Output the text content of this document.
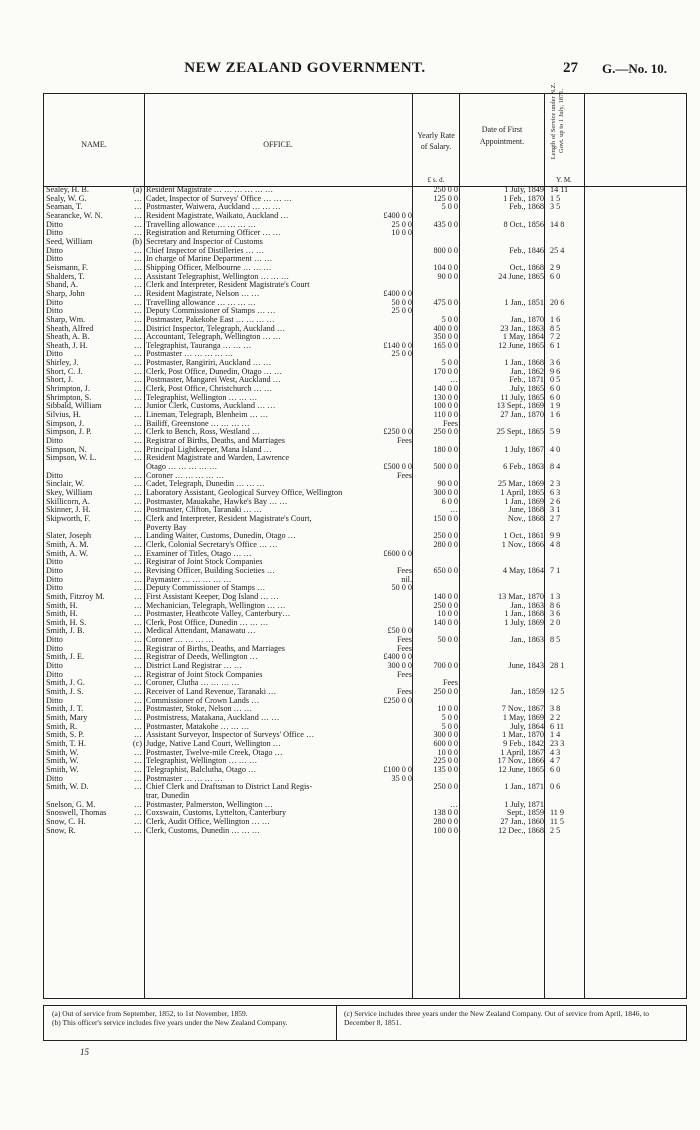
NEW ZEALAND GOVERNMENT.	27 G.—No. 10.
NAME.	OFFICE.
Yearly Rate of Salary.
Date of First Appointment.	Length of Service under N.Z. Govt. up to 1 July, 1871.
£ s. d.	Y. M.
Sealey, H. B.	(a) Resident Magistrate … … … … … …	250 0 0	1 July, 1849 14 11
Sealy, W. G.	… Cadet, Inspector of Surveys' Office … … …	125 0 0	1 Feb., 1870 1 5
Seaman, T.	… Postmaster, Waiwera, Auckland … … …	5 0 0	Feb., 1868 3 5
Searancke, W. N.	… Resident Magistrate, Waikato, Auckland …	£400 0 0
Ditto	… Travelling allowance … … … …	25 0 0	435 0 0	8 Oct., 1856 14 8
Ditto	… Registration and Returning Officer … …	10 0 0
Seed, William	(b) Secretary and Inspector of Customs
Ditto	… Chief Inspector of Distilleries … …	800 0 0	Feb., 1846 25 4
Ditto	… In charge of Marine Department … …
Seismann, F.	… Shipping Officer, Melbourne … … …	104 0 0	Oct., 1868 2 9
Shalders, T.	… Assistant Telegraphist, Wellington … … …	90 0 0	24 June, 1865 6 0
Shand, A.	… Clerk and Interpreter, Resident Magistrate's Court
Sharp, John	… Resident Magistrate, Nelson … …	£400 0 0
Ditto	… Travelling allowance … … … …	50 0 0	475 0 0	1 Jan., 1851 20 6
Ditto	… Deputy Commissioner of Stamps … …	25 0 0
Sharp, Wm.	… Postmaster, Pakekohe East … … … …	5 0 0	Jan., 1870 1 6
Sheath, Alfred	… District Inspector, Telegraph, Auckland …	400 0 0	23 Jan., 1863 8 5
Sheath, A. B.	… Accountant, Telegraph, Wellington … …	350 0 0	1 May, 1864 7 2
Sheath, J. H.	… Telegraphist, Tauranga … … …	£140 0 0	165 0 0	12 June, 1865 6 1
Ditto	… Postmaster … … … … …	25 0 0
Shirley, J.	… Postmaster, Rangiriri, Auckland … …	5 0 0	1 Jan., 1868 3 6
Short, C. J.	… Clerk, Post Office, Dunedin, Otago … …	170 0 0	Jan., 1862 9 6
Short, J.	… Postmaster, Mangarei West, Auckland …	…	Feb., 1871 0 5
Shrimpton, J.	… Clerk, Post Office, Christchurch … …	140 0 0	July, 1865 6 0
Shrimpton, S.	… Telegraphist, Wellington … … …	130 0 0	11 July, 1865 6 0
Sibbald, William	… Junior Clerk, Customs, Auckland … …	100 0 0	13 Sept., 1869 1 9
Silvius, H.	… Lineman, Telegraph, Blenheim … …	110 0 0	27 Jan., 1870 1 6
Simpson, J.	… Bailiff, Greenstone … … … …	Fees
Simpson, J. P.	… Clerk to Bench, Ross, Westland …	£250 0 0	250 0 0	25 Sept., 1865 5 9
Ditto	… Registrar of Births, Deaths, and Marriages	Fees
Simpson, N.	… Principal Lightkeeper, Mana Island …	180 0 0	1 July, 1867 4 0
Simpson, W. L.	… Resident Magistrate and Warden, Lawrence
Otago … … … … …	£500 0 0	500 0 0	6 Feb., 1863 8 4
Ditto	… Coroner … … … … …	Fees
Sinclair, W.	… Cadet, Telegraph, Dunedin … … …	90 0 0	25 Mar., 1869 2 3
Skey, William	… Laboratory Assistant, Geological Survey Office, Wellington	300 0 0	1 April, 1865 6 3
Skillicorn, A.	… Postmaster, Mauakahe, Hawke's Bay … …	6 0 0	1 Jan., 1869 2 6
Skinner, J. H.	… Postmaster, Clifton, Taranaki … …	…	June, 1868 3 1
Skipworth, F.	… Clerk and Interpreter, Resident Magistrate's Court,	150 0 0	Nov., 1868 2 7
Poverty Bay
Slater, Joseph	… Landing Waiter, Customs, Dunedin, Otago …	250 0 0	1 Oct., 1861 9 9
Smith, A. M.	… Clerk, Colonial Secretary's Office … …	280 0 0	1 Nov., 1866 4 8
Smith, A. W.	… Examiner of Titles, Otago … …	£600 0 0
Ditto	… Registrar of Joint Stock Companies
Ditto	… Revising Officer, Building Societies …	Fees	650 0 0	4 May, 1864 7 1
Ditto	… Paymaster … … … … …	nil.
Ditto	… Deputy Commissioner of Stamps …	50 0 0
Smith, Fitzroy M.	… First Assistant Keeper, Dog Island … …	140 0 0	13 Mar., 1870 1 3
Smith, H.	… Mechanician, Telegraph, Wellington … …	250 0 0	Jan., 1863 8 6
Smith, H.	… Postmaster, Heathcote Valley, Canterbury…	10 0 0	1 Jan., 1868 3 6
Smith, H. S.	… Clerk, Post Office, Dunedin … … …	140 0 0	1 July, 1869 2 0
Smith, J. B.	… Medical Attendant, Manawatu …	£50 0 0
Ditto	… Coroner … … … …	Fees	50 0 0	Jan., 1863 8 5
Ditto	… Registrar of Births, Deaths, and Marriages	Fees
Smith, J. E.	… Registrar of Deeds, Wellington …	£400 0 0
Ditto	… District Land Registrar … …	300 0 0	700 0 0	June, 1843 28 1
Ditto	… Registrar of Joint Stock Companies	Fees
Smith, J. G.	… Coroner, Clutha … … … …	Fees
Smith, J. S.	… Receiver of Land Revenue, Taranaki …	Fees	250 0 0	Jan., 1859 12 5
Ditto	… Commissioner of Crown Lands …	£250 0 0
Smith, J. T.	… Postmaster, Stoke, Nelson … …	10 0 0	7 Nov., 1867 3 8
Smith, Mary	… Postmistress, Matakana, Auckland … …	5 0 0	1 May, 1869 2 2
Smith, R.	… Postmaster, Matakohe … … …	5 0 0	July, 1864 6 11
Smith, S. P.	… Assistant Surveyor, Inspector of Surveys' Office …	300 0 0	1 Mar., 1870 1 4
Smith, T. H.	(c) Judge, Native Land Court, Wellington …	600 0 0	9 Feb., 1842 23 3
Smith, W.	… Postmaster, Twelve-mile Creek, Otago …	10 0 0	1 April, 1867 4 3
Smith, W.	… Telegraphist, Wellington … … …	225 0 0	17 Nov., 1866 4 7
Smith, W.	… Telegraphist, Balclutha, Otago …	£100 0 0	135 0 0	12 June, 1865 6 0
Ditto	… Postmaster … … … …	35 0 0
Smith, W. D.	… Chief Clerk and Draftsman to District Land Regis-	250 0 0	1 Jan., 1871 0 6
trar, Dunedin
Snelson, G. M.	… Postmaster, Palmerston, Wellington …	…	1 July, 1871
Snoswell, Thomas	… Coxswain, Customs, Lyttelton, Canterbury	138 0 0	Sept., 1859 11 9
Snow, C. H.	… Clerk, Audit Office, Wellington … …	280 0 0	27 Jan., 1860 11 5
Snow, R.	… Clerk, Customs, Dunedin … … …	100 0 0	12 Dec., 1868 2 5
(a) Out of service from September, 1852, to 1st November, 1859.
(b) This officer's service includes five years under the New Zealand Company.
(c) Service includes three years under the New Zealand Company. Out of service from April, 1846, to December 8, 1851.
15
